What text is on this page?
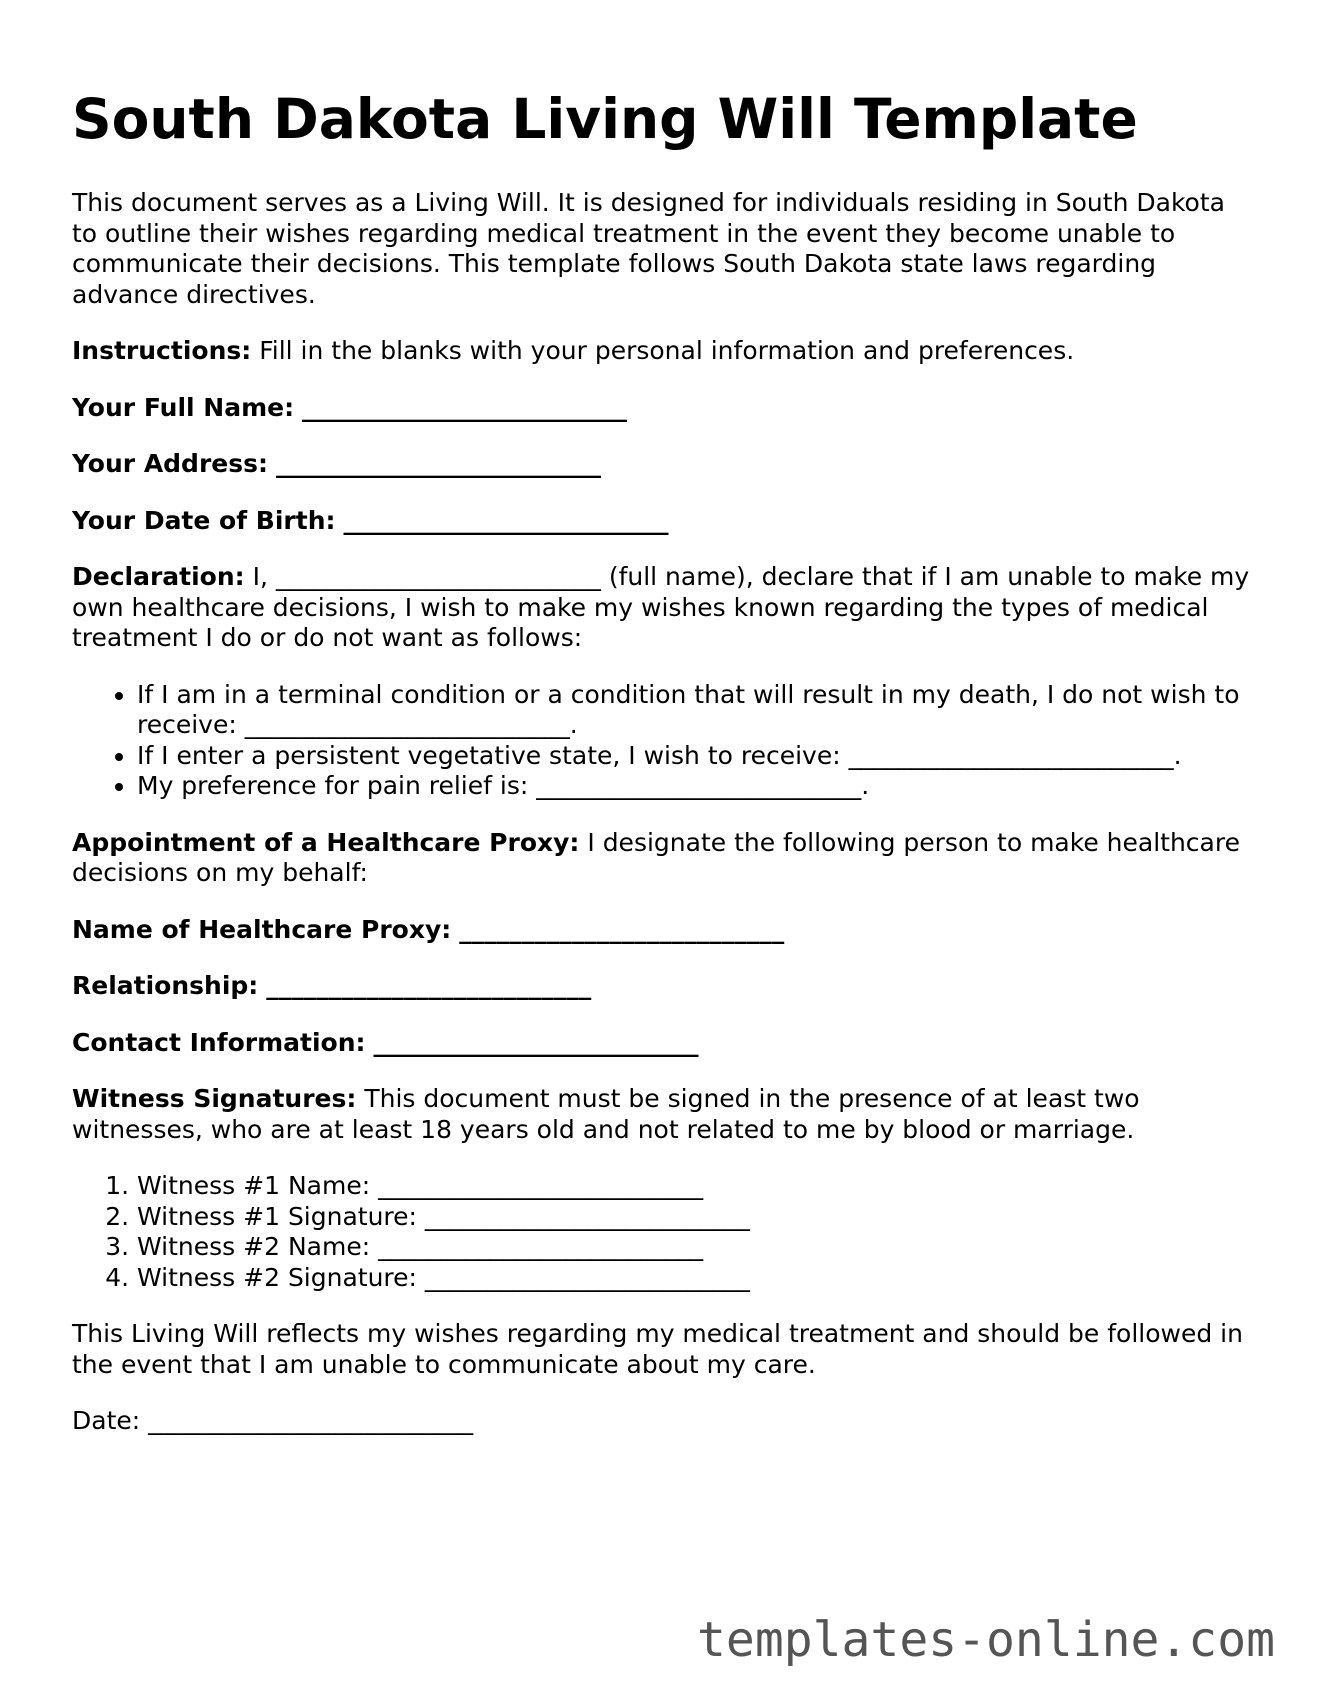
South Dakota Living Will Template

This document serves as a Living Will. It is designed for individuals residing in South Dakota to outline their wishes regarding medical treatment in the event they become unable to communicate their decisions. This template follows South Dakota state laws regarding advance directives.

Instructions: Fill in the blanks with your personal information and preferences.

Your Full Name: __________________________

Your Address: __________________________

Your Date of Birth: __________________________

Declaration: I, __________________________ (full name), declare that if I am unable to make my own healthcare decisions, I wish to make my wishes known regarding the types of medical treatment I do or do not want as follows:

• If I am in a terminal condition or a condition that will result in my death, I do not wish to receive: __________________________.
• If I enter a persistent vegetative state, I wish to receive: __________________________.
• My preference for pain relief is: __________________________.

Appointment of a Healthcare Proxy: I designate the following person to make healthcare decisions on my behalf:

Name of Healthcare Proxy: __________________________

Relationship: __________________________

Contact Information: __________________________

Witness Signatures: This document must be signed in the presence of at least two witnesses, who are at least 18 years old and not related to me by blood or marriage.

1. Witness #1 Name: __________________________
2. Witness #1 Signature: __________________________
3. Witness #2 Name: __________________________
4. Witness #2 Signature: __________________________

This Living Will reflects my wishes regarding my medical treatment and should be followed in the event that I am unable to communicate about my care.

Date: __________________________

templates-online.com
